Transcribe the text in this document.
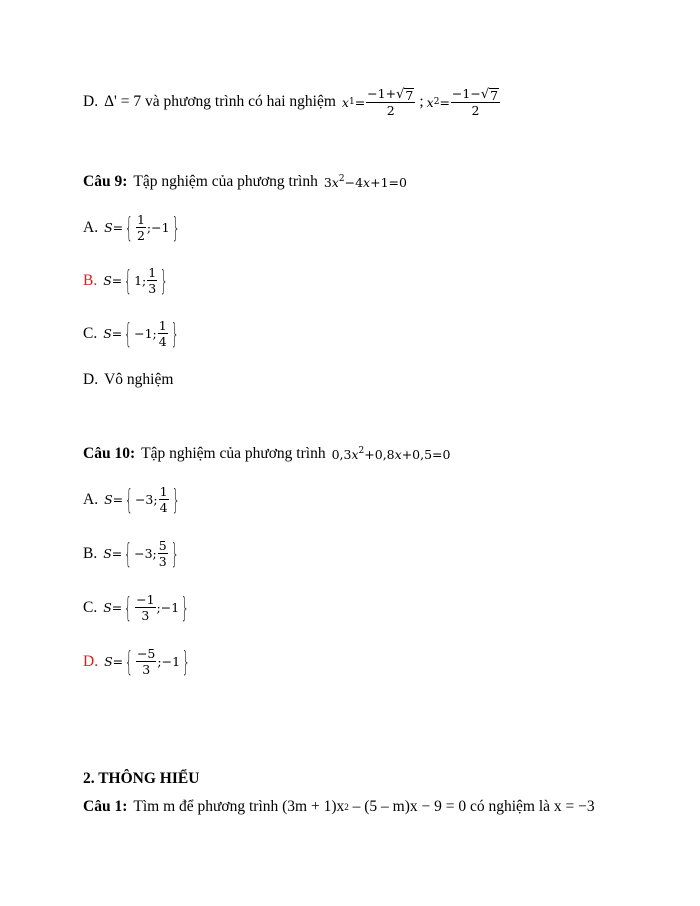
D. Δ' = 7 và phương trình có hai nghiệm x $1 = \frac{-1+ √ 7}{2}$ ; x $2 = \frac{-1- √ 7}{2}$
Câu 9: Tập nghiệm của phương trình $3x^2-4x+1=0$
A. S= { $\frac{1}{2}$ ;−1 }
B. S= { 1; $\frac{1}{3}$ }
C. S= { −1; $\frac{1}{4}$ }
D. Vô nghiệm
Câu 10: Tập nghiệm của phương trình $0,3x^2+0,8x+0,5=0$
A. S= { −3; $\frac{1}{4}$ }
B. S= { −3; $\frac{5}{3}$ }
C. S= { $\frac{-1}{3}$ ;−1 }
D. S= { $\frac{-5}{3}$ ;−1 }
2. THÔNG HIỂU
Câu 1: Tìm m để phương trình (3m + 1)x 2 – (5 – m)x − 9 = 0 có nghiệm là x = −3
